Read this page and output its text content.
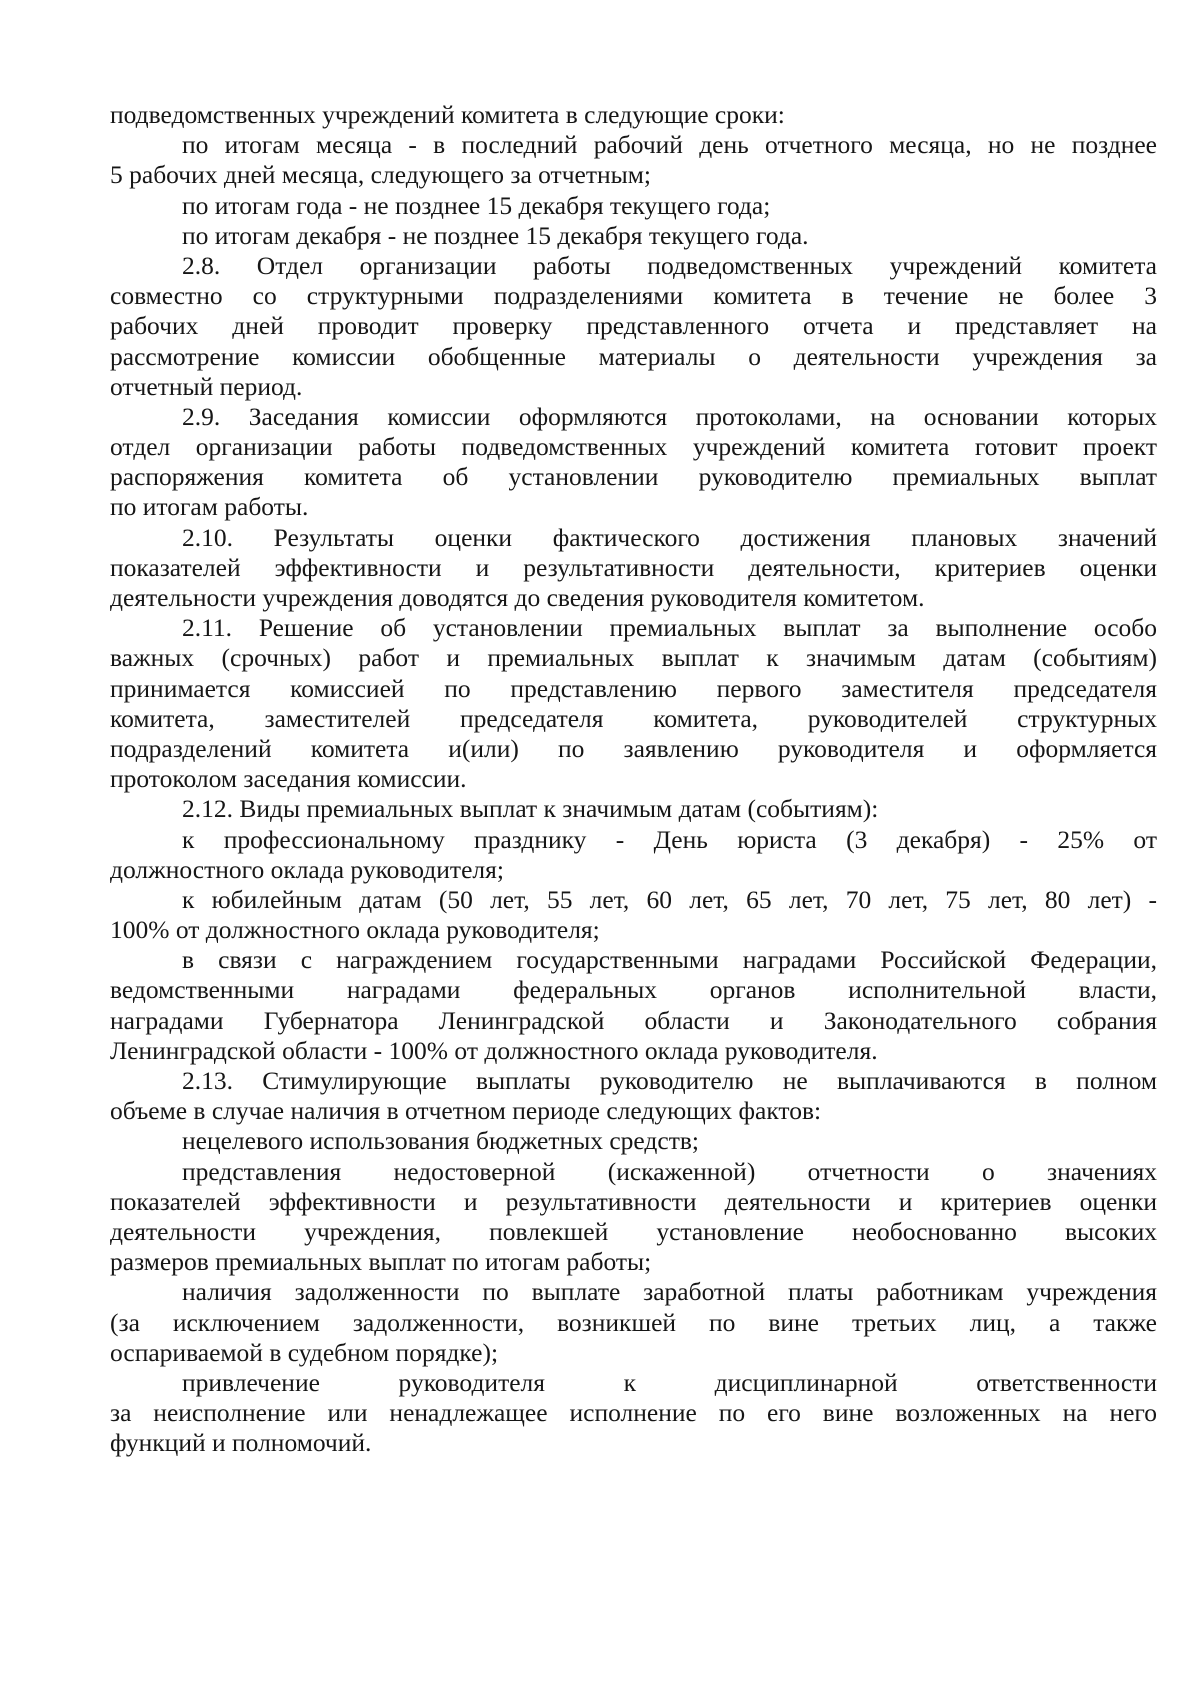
подведомственных учреждений комитета в следующие сроки:
по итогам месяца - в последний рабочий день отчетного месяца, но не позднее
5 рабочих дней месяца, следующего за отчетным;
по итогам года - не позднее 15 декабря текущего года;
по итогам декабря - не позднее 15 декабря текущего года.
2.8. Отдел организации работы подведомственных учреждений комитета
совместно со структурными подразделениями комитета в течение не более 3
рабочих дней проводит проверку представленного отчета и представляет на
рассмотрение комиссии обобщенные материалы о деятельности учреждения за
отчетный период.
2.9. Заседания комиссии оформляются протоколами, на основании которых
отдел организации работы подведомственных учреждений комитета готовит проект
распоряжения комитета об установлении руководителю премиальных выплат
по итогам работы.
2.10. Результаты оценки фактического достижения плановых значений
показателей эффективности и результативности деятельности, критериев оценки
деятельности учреждения доводятся до сведения руководителя комитетом.
2.11. Решение об установлении премиальных выплат за выполнение особо
важных (срочных) работ и премиальных выплат к значимым датам (событиям)
принимается комиссией по представлению первого заместителя председателя
комитета, заместителей председателя комитета, руководителей структурных
подразделений комитета и(или) по заявлению руководителя и оформляется
протоколом заседания комиссии.
2.12. Виды премиальных выплат к значимым датам (событиям):
к профессиональному празднику - День юриста (3 декабря) - 25% от
должностного оклада руководителя;
к юбилейным датам (50 лет, 55 лет, 60 лет, 65 лет, 70 лет, 75 лет, 80 лет) -
100% от должностного оклада руководителя;
в связи с награждением государственными наградами Российской Федерации,
ведомственными наградами федеральных органов исполнительной власти,
наградами Губернатора Ленинградской области и Законодательного собрания
Ленинградской области - 100% от должностного оклада руководителя.
2.13. Стимулирующие выплаты руководителю не выплачиваются в полном
объеме в случае наличия в отчетном периоде следующих фактов:
нецелевого использования бюджетных средств;
представления недостоверной (искаженной) отчетности о значениях
показателей эффективности и результативности деятельности и критериев оценки
деятельности учреждения, повлекшей установление необоснованно высоких
размеров премиальных выплат по итогам работы;
наличия задолженности по выплате заработной платы работникам учреждения
(за исключением задолженности, возникшей по вине третьих лиц, а также
оспариваемой в судебном порядке);
привлечение руководителя к дисциплинарной ответственности
за неисполнение или ненадлежащее исполнение по его вине возложенных на него
функций и полномочий.
